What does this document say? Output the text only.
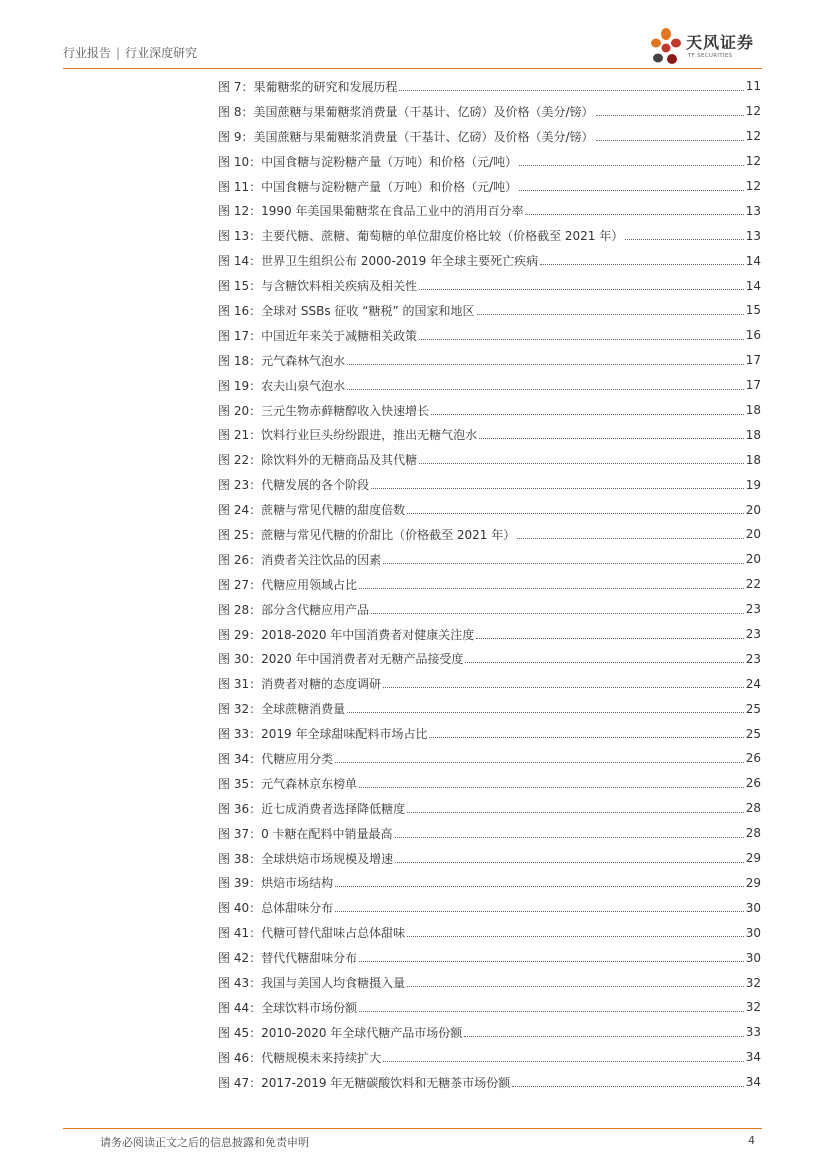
行业报告 | 行业深度研究
天风证券
TF SECURITIES
图 7：果葡糖浆的研究和发展历程	11
图 8：美国蔗糖与果葡糖浆消费量（干基计、亿磅）及价格（美分/镑）	12
图 9：美国蔗糖与果葡糖浆消费量（干基计、亿磅）及价格（美分/镑）	12
图 10：中国食糖与淀粉糖产量（万吨）和价格（元/吨）	12
图 11：中国食糖与淀粉糖产量（万吨）和价格（元/吨）	12
图 12：1990 年美国果葡糖浆在食品工业中的消用百分率	13
图 13：主要代糖、蔗糖、葡萄糖的单位甜度价格比较（价格截至 2021 年）	13
图 14：世界卫生组织公布 2000-2019 年全球主要死亡疾病	14
图 15：与含糖饮料相关疾病及相关性	14
图 16：全球对 SSBs 征收 “糖税” 的国家和地区	15
图 17：中国近年来关于减糖相关政策	16
图 18：元气森林气泡水	17
图 19：农夫山泉气泡水	17
图 20：三元生物赤藓糖醇收入快速增长	18
图 21：饮料行业巨头纷纷跟进，推出无糖气泡水	18
图 22：除饮料外的无糖商品及其代糖	18
图 23：代糖发展的各个阶段	19
图 24：蔗糖与常见代糖的甜度倍数	20
图 25：蔗糖与常见代糖的价甜比（价格截至 2021 年）	20
图 26：消费者关注饮品的因素	20
图 27：代糖应用领域占比	22
图 28：部分含代糖应用产品	23
图 29：2018-2020 年中国消费者对健康关注度	23
图 30：2020 年中国消费者对无糖产品接受度	23
图 31：消费者对糖的态度调研	24
图 32：全球蔗糖消费量	25
图 33：2019 年全球甜味配料市场占比	25
图 34：代糖应用分类	26
图 35：元气森林京东榜单	26
图 36：近七成消费者选择降低糖度	28
图 37：0 卡糖在配料中销量最高	28
图 38：全球烘焙市场规模及增速	29
图 39：烘焙市场结构	29
图 40：总体甜味分布	30
图 41：代糖可替代甜味占总体甜味	30
图 42：替代代糖甜味分布	30
图 43：我国与美国人均食糖摄入量	32
图 44：全球饮料市场份额	32
图 45：2010-2020 年全球代糖产品市场份额	33
图 46：代糖规模未来持续扩大	34
图 47：2017-2019 年无糖碳酸饮料和无糖茶市场份额	34
请务必阅读正文之后的信息披露和免责申明	4
